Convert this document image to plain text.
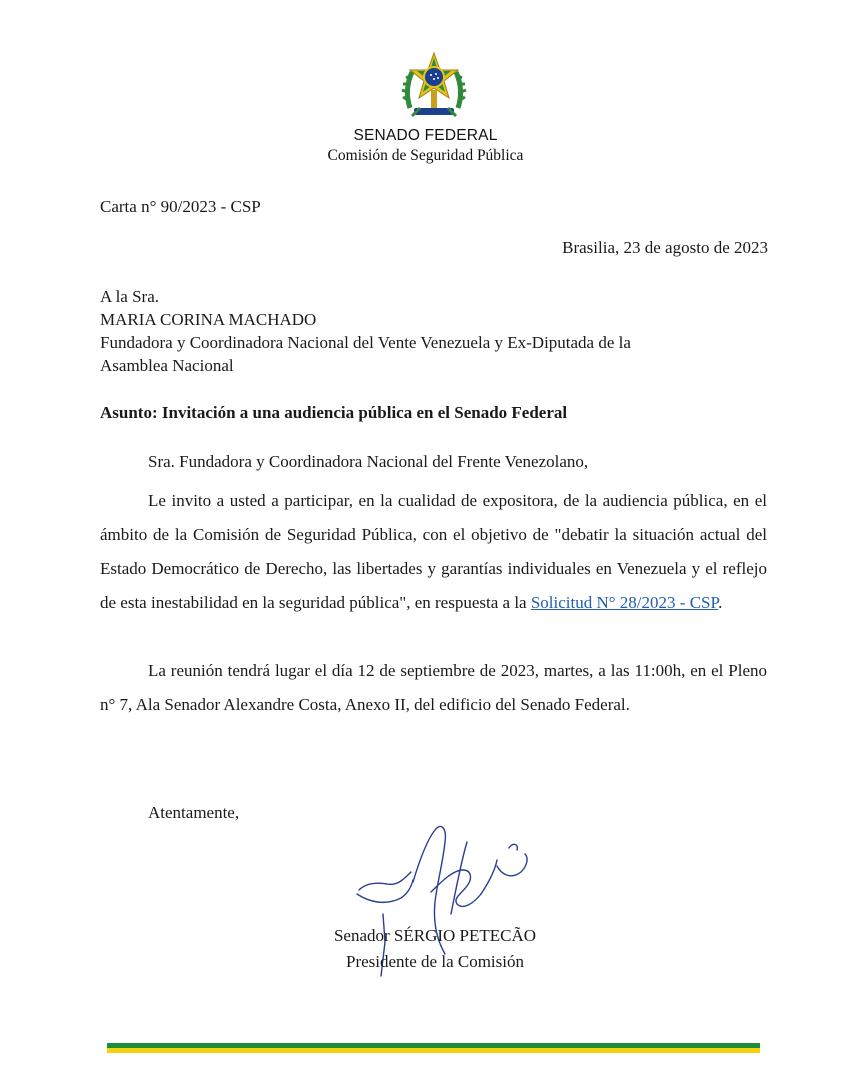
SENADO FEDERAL
Comisión de Seguridad Pública
Carta n° 90/2023 - CSP
Brasilia, 23 de agosto de 2023
A la Sra.
MARIA CORINA MACHADO
Fundadora y Coordinadora Nacional del Vente Venezuela y Ex-Diputada de la
Asamblea Nacional
Asunto: Invitación a una audiencia pública en el Senado Federal
Sra. Fundadora y Coordinadora Nacional del Frente Venezolano,
Le invito a usted a participar, en la cualidad de expositora, de la audiencia pública, en el ámbito de la Comisión de Seguridad Pública, con el objetivo de "debatir la situación actual del Estado Democrático de Derecho, las libertades y garantías individuales en Venezuela y el reflejo de esta inestabilidad en la seguridad pública", en respuesta a la Solicitud N° 28/2023 - CSP.
La reunión tendrá lugar el día 12 de septiembre de 2023, martes, a las 11:00h, en el Pleno n° 7, Ala Senador Alexandre Costa, Anexo II, del edificio del Senado Federal.
Atentamente,
Senador SÉRGIO PETECÃO
Presidente de la Comisión
